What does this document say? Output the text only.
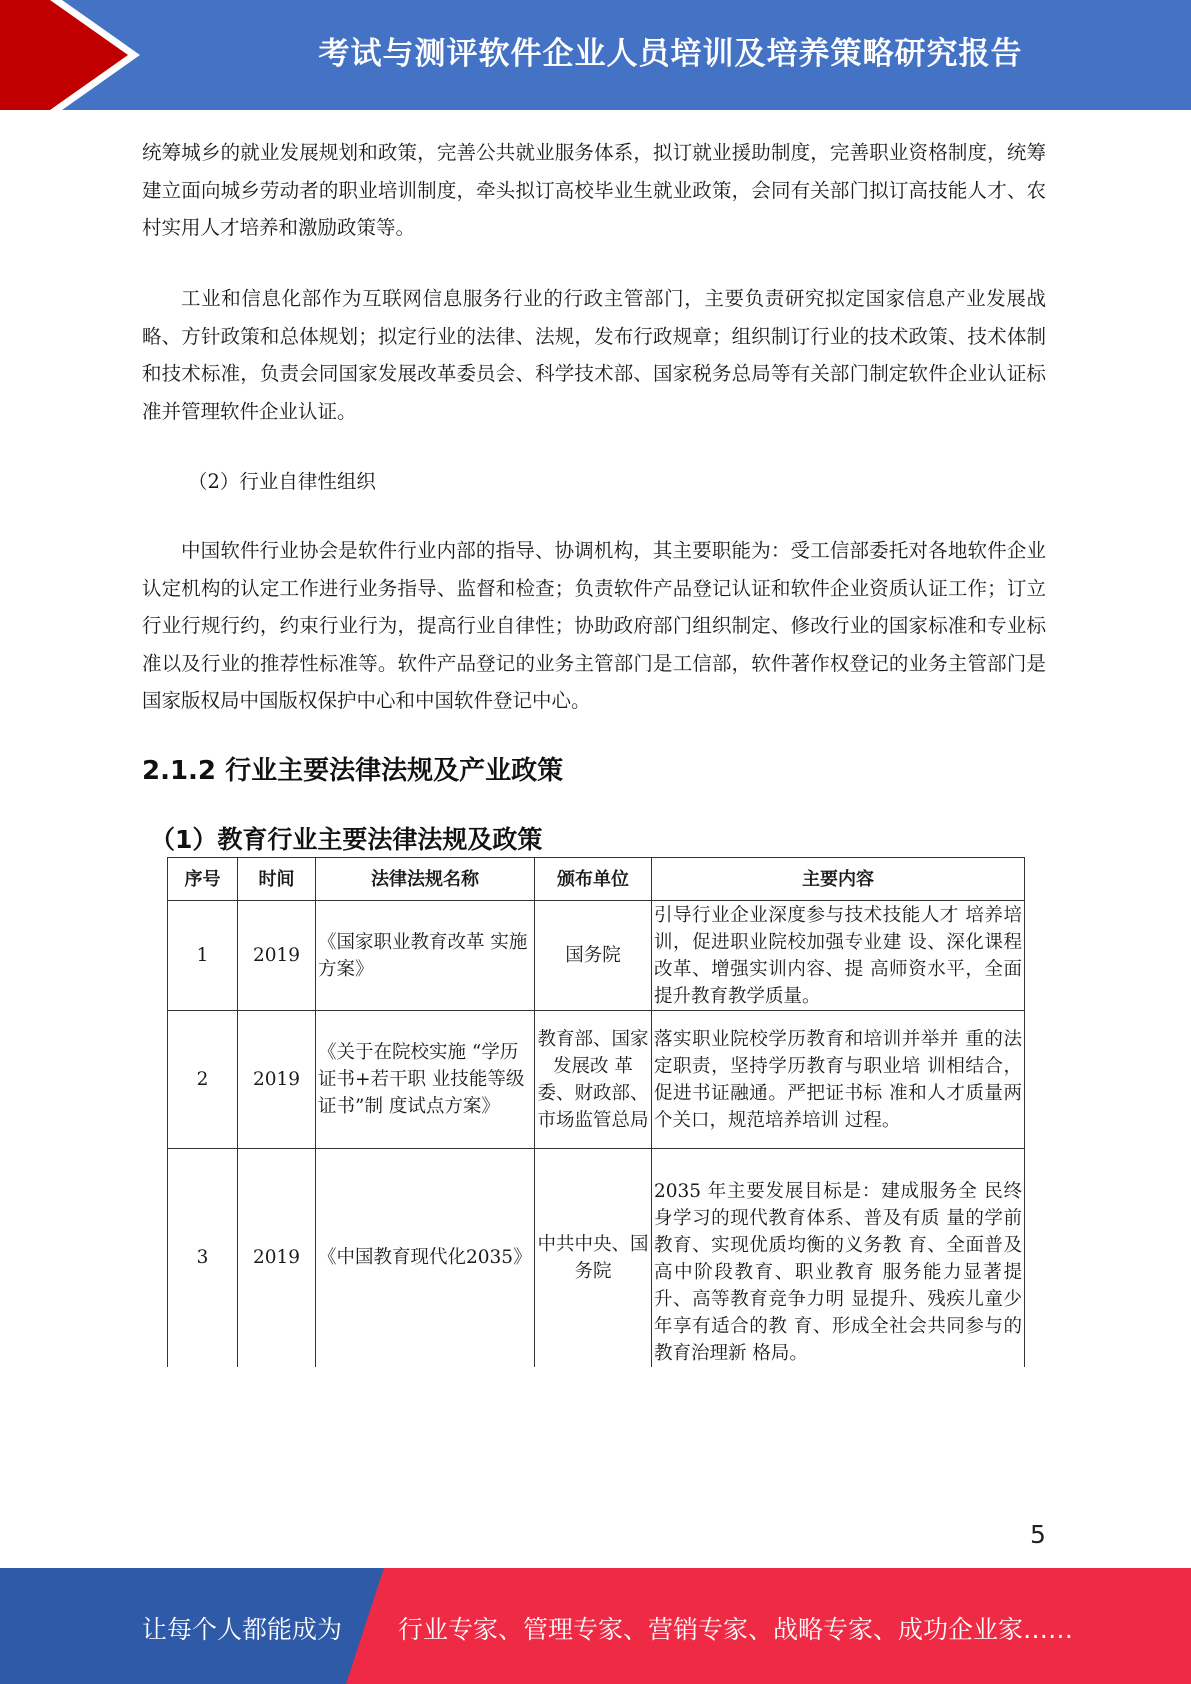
考试与测评软件企业人员培训及培养策略研究报告

统筹城乡的就业发展规划和政策，完善公共就业服务体系，拟订就业援助制度，完善职业资格制度，统筹建立面向城乡劳动者的职业培训制度，牵头拟订高校毕业生就业政策，会同有关部门拟订高技能人才、农村实用人才培养和激励政策等。

工业和信息化部作为互联网信息服务行业的行政主管部门，主要负责研究拟定国家信息产业发展战略、方针政策和总体规划；拟定行业的法律、法规，发布行政规章；组织制订行业的技术政策、技术体制和技术标准，负责会同国家发展改革委员会、科学技术部、国家税务总局等有关部门制定软件企业认证标准并管理软件企业认证。

（2）行业自律性组织

中国软件行业协会是软件行业内部的指导、协调机构，其主要职能为：受工信部委托对各地软件企业认定机构的认定工作进行业务指导、监督和检查；负责软件产品登记认证和软件企业资质认证工作；订立行业行规行约，约束行业行为，提高行业自律性；协助政府部门组织制定、修改行业的国家标准和专业标准以及行业的推荐性标准等。软件产品登记的业务主管部门是工信部，软件著作权登记的业务主管部门是国家版权局中国版权保护中心和中国软件登记中心。

2.1.2 行业主要法律法规及产业政策
（1）教育行业主要法律法规及政策
序号	时间	法律法规名称	颁布单位	主要内容
1	2019	《国家职业教育改革 实施方案》	国务院	引导行业企业深度参与技术技能人才 培养培训，促进职业院校加强专业建 设、深化课程改革、增强实训内容、提 高师资水平，全面提升教育教学质量。
2	2019	《关于在院校实施 “学历证书+若干职 业技能等级证书”制 度试点方案》	教育部、国家发展改 革委、财政部、市场监管总局	落实职业院校学历教育和培训并举并 重的法定职责，坚持学历教育与职业培 训相结合，促进书证融通。严把证书标 准和人才质量两个关口，规范培养培训 过程。
3	2019	《中国教育现代化2035》	中共中央、国务院	2035 年主要发展目标是：建成服务全 民终身学习的现代教育体系、普及有质 量的学前教育、实现优质均衡的义务教 育、全面普及高中阶段教育、职业教育 服务能力显著提升、高等教育竞争力明 显提升、残疾儿童少年享有适合的教 育、形成全社会共同参与的教育治理新 格局。
5
让每个人都能成为 行业专家、管理专家、营销专家、战略专家、成功企业家……
